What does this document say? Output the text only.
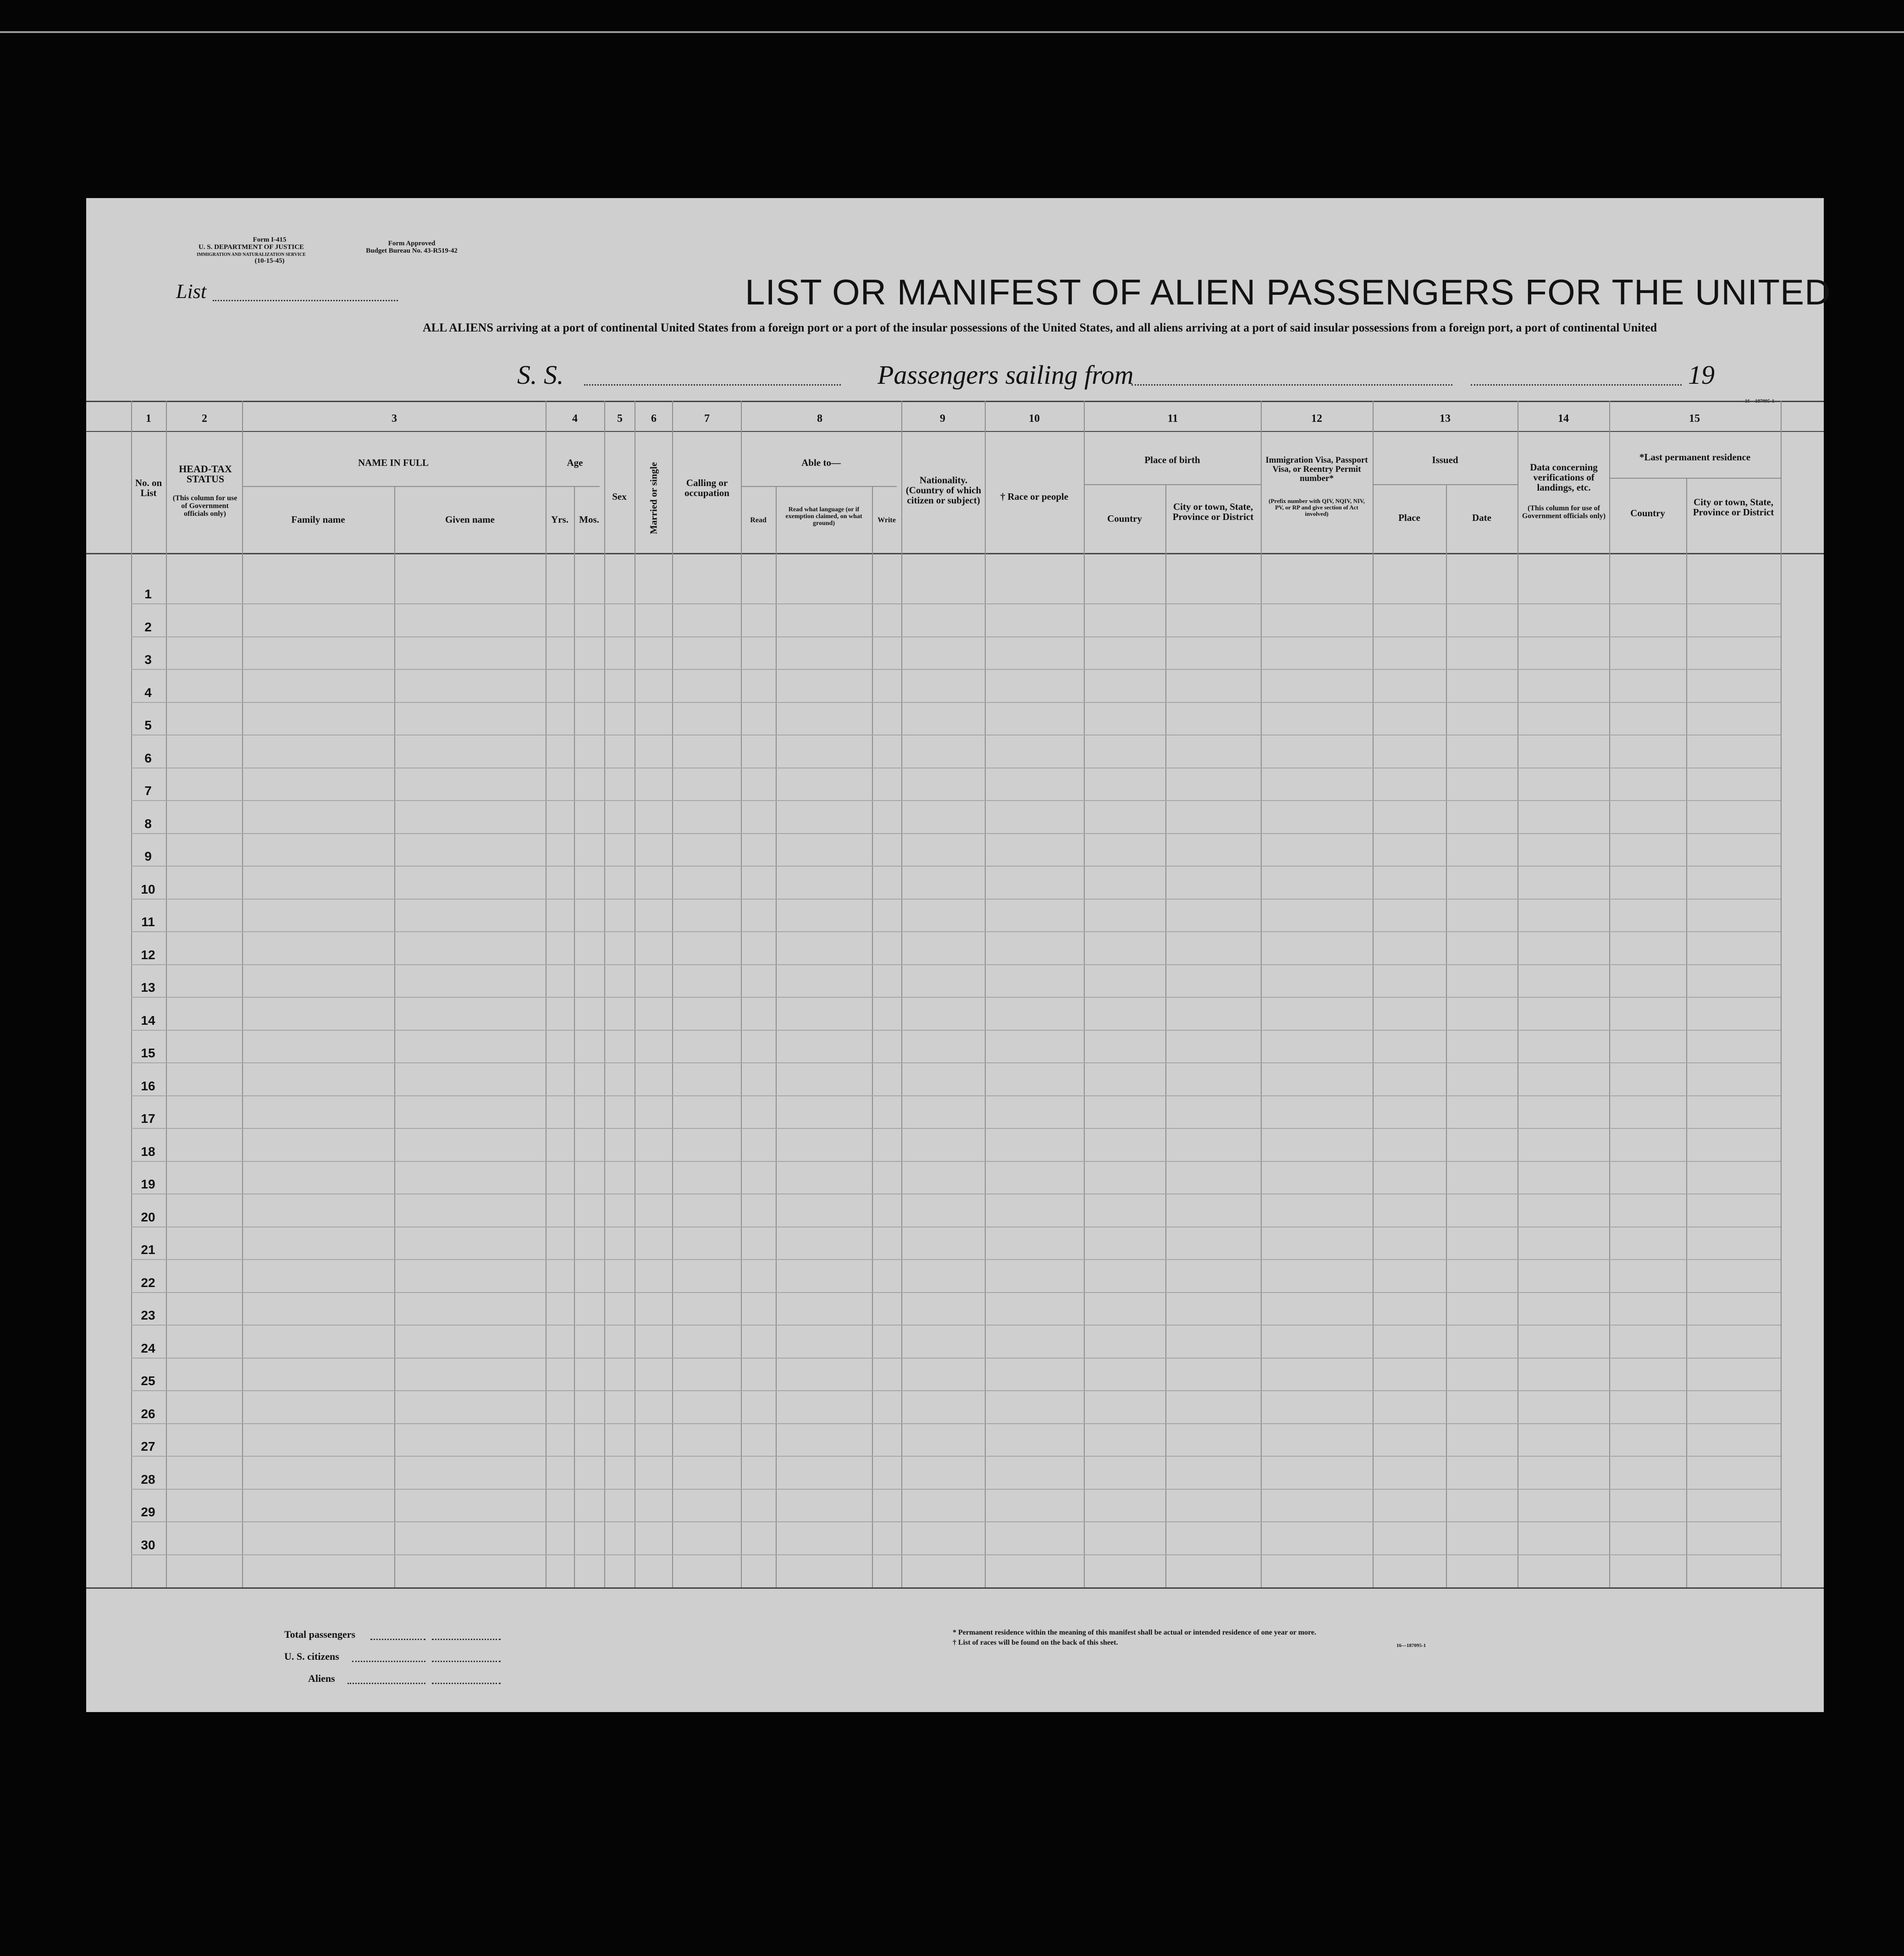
Form I-415
U. S. DEPARTMENT OF JUSTICE
IMMIGRATION AND NATURALIZATION SERVICE
(10-15-45)
Form Approved
Budget Bureau No. 43-R519-42
List	LIST OR MANIFEST OF ALIEN PASSENGERS FOR THE UNITED
ALL ALIENS arriving at a port of continental United States from a foreign port or a port of the insular possessions of the United States, and all aliens arriving at a port of said insular possessions from a foreign port, a port of continental United
S. S.	Passengers sailing from	19
1	2	3	4	5	6	7	8	9	10	11	12	13	14	15
No. on List
HEAD-TAX STATUS
(This column for use of Government officials only)
NAME IN FULL
Family name	Given name
Age
Yrs.	Mos.
Sex	Married or single	Calling or occupation
Able to—
Read
Read what language (or if exemption claimed, on what ground)	Write
Nationality. (Country of which citizen or subject)	† Race or people
Place of birth
Country
City or town, State, Province or District
Immigration Visa, Passport Visa, or Reentry Permit number*
(Prefix number with QIV, NQIV, NIV, PV, or RP and give section of Act involved)
Issued
Place	Date
Data concerning verifications of landings, etc.
(This column for use of Government officials only)
*Last permanent residence
Country
City or town, State, Province or District
1
2
3
4
5
6
7
8
9
10
11
12
13
14
15
16
17
18
19
20
21
22
23
24
25
26
27
28
29
30
Total passengers
U. S. citizens
Aliens
* Permanent residence within the meaning of this manifest shall be actual or intended residence of one year or more.
† List of races will be found on the back of this sheet.	16—187095-1
